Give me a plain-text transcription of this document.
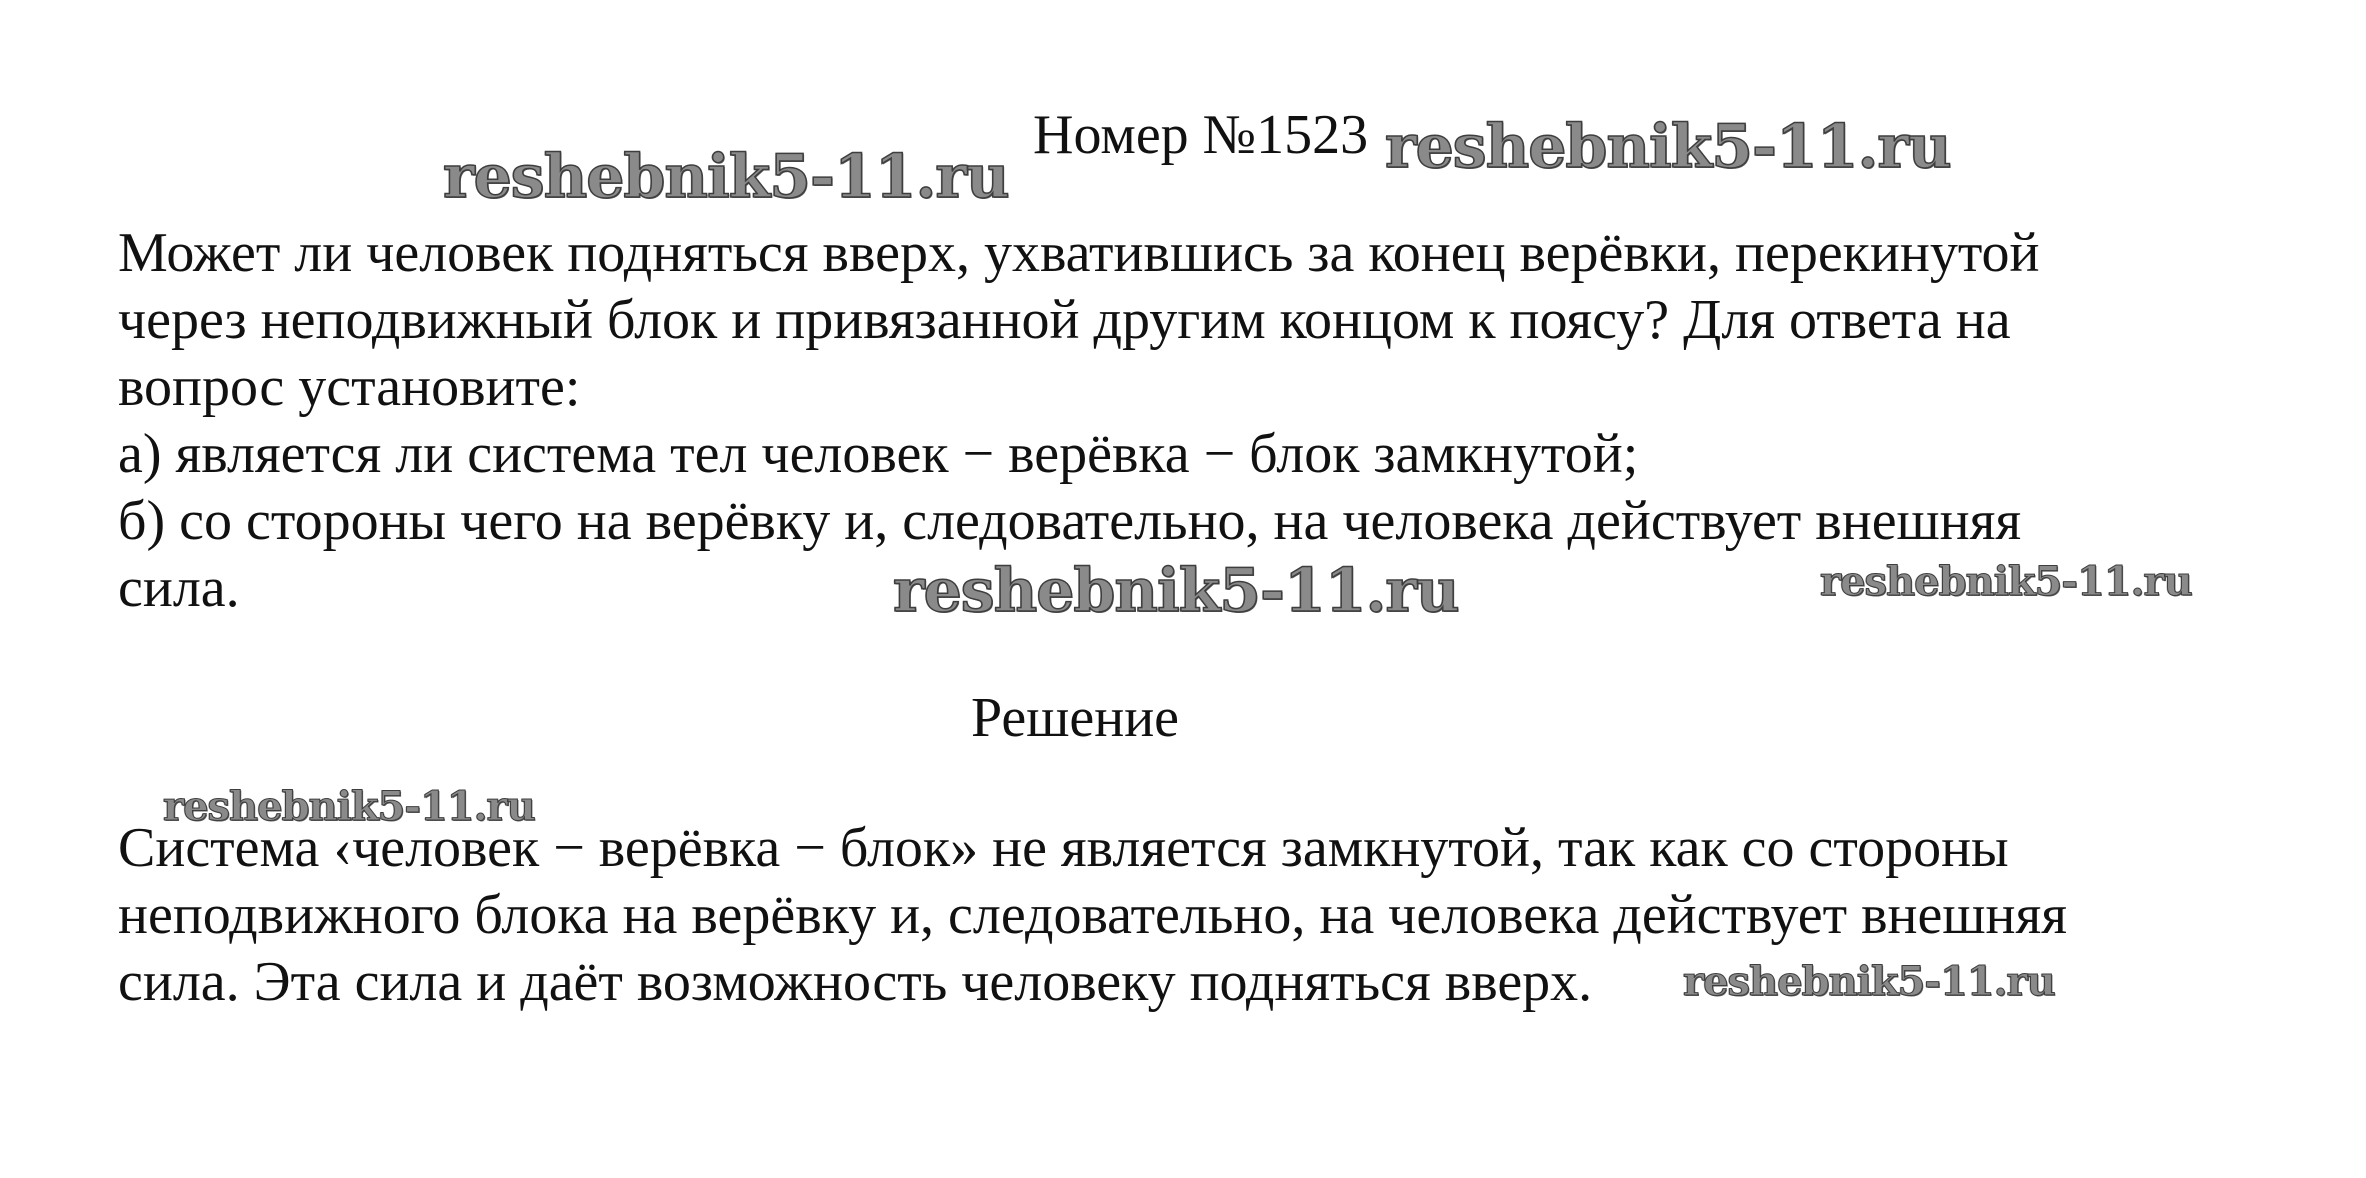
Номер №1523
Может ли человек подняться вверх, ухватившись за конец верёвки, перекинутой
через неподвижный блок и привязанной другим концом к поясу? Для ответа на
вопрос установите:
а) является ли система тел человек − верёвка − блок замкнутой;
б) со стороны чего на верёвку и, следовательно, на человека действует внешняя
сила.
Решение
Система ‹человек − верёвка − блок» не является замкнутой, так как со стороны
неподвижного блока на верёвку и, следовательно, на человека действует внешняя
сила. Эта сила и даёт возможность человеку подняться вверх.
reshebnik5-11.ru	reshebnik5-11.ru
reshebnik5-11.ru	reshebnik5-11.ru
reshebnik5-11.ru
reshebnik5-11.ru
